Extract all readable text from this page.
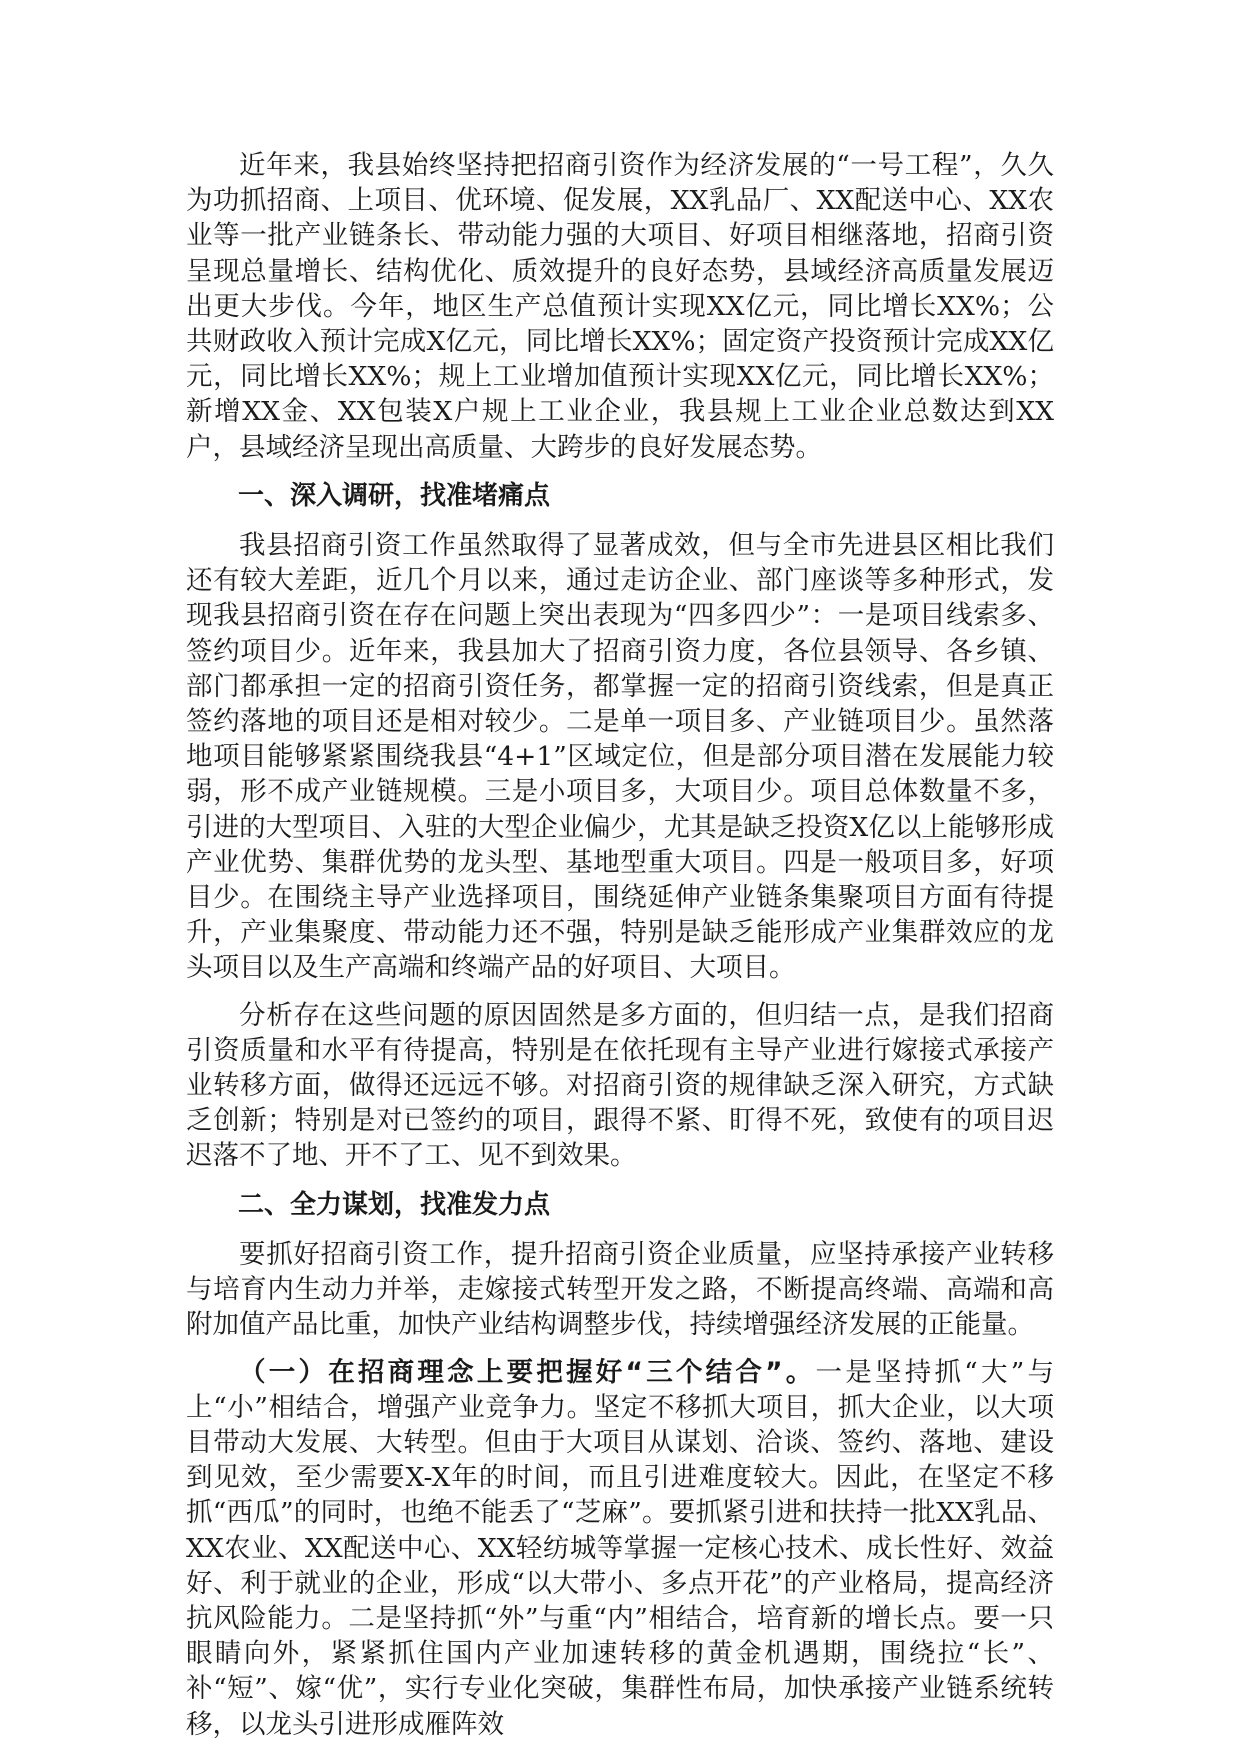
近年来，我县始终坚持把招商引资作为经济发展的“一号工程”，久久为功抓招商、上项目、优环境、促发展，XX乳品厂、XX配送中心、XX农业等一批产业链条长、带动能力强的大项目、好项目相继落地，招商引资呈现总量增长、结构优化、质效提升的良好态势，县域经济高质量发展迈出更大步伐。今年，地区生产总值预计实现XX亿元，同比增长XX%；公共财政收入预计完成X亿元，同比增长XX%；固定资产投资预计完成XX亿元，同比增长XX%；规上工业增加值预计实现XX亿元，同比增长XX%；新增XX金、XX包装X户规上工业企业，我县规上工业企业总数达到XX户，县域经济呈现出高质量、大跨步的良好发展态势。

一、深入调研，找准堵痛点

我县招商引资工作虽然取得了显著成效，但与全市先进县区相比我们还有较大差距，近几个月以来，通过走访企业、部门座谈等多种形式，发现我县招商引资在存在问题上突出表现为“四多四少”：一是项目线索多、签约项目少。近年来，我县加大了招商引资力度，各位县领导、各乡镇、部门都承担一定的招商引资任务，都掌握一定的招商引资线索，但是真正签约落地的项目还是相对较少。二是单一项目多、产业链项目少。虽然落地项目能够紧紧围绕我县“4+1”区域定位，但是部分项目潜在发展能力较弱，形不成产业链规模。三是小项目多，大项目少。项目总体数量不多，引进的大型项目、入驻的大型企业偏少，尤其是缺乏投资X亿以上能够形成产业优势、集群优势的龙头型、基地型重大项目。四是一般项目多，好项目少。在围绕主导产业选择项目，围绕延伸产业链条集聚项目方面有待提升，产业集聚度、带动能力还不强，特别是缺乏能形成产业集群效应的龙头项目以及生产高端和终端产品的好项目、大项目。

分析存在这些问题的原因固然是多方面的，但归结一点，是我们招商引资质量和水平有待提高，特别是在依托现有主导产业进行嫁接式承接产业转移方面，做得还远远不够。对招商引资的规律缺乏深入研究，方式缺乏创新；特别是对已签约的项目，跟得不紧、盯得不死，致使有的项目迟迟落不了地、开不了工、见不到效果。

二、全力谋划，找准发力点

要抓好招商引资工作，提升招商引资企业质量，应坚持承接产业转移与培育内生动力并举，走嫁接式转型开发之路，不断提高终端、高端和高附加值产品比重，加快产业结构调整步伐，持续增强经济发展的正能量。

（一）在招商理念上要把握好“三个结合”。一是坚持抓“大”与上“小”相结合，增强产业竞争力。坚定不移抓大项目，抓大企业，以大项目带动大发展、大转型。但由于大项目从谋划、洽谈、签约、落地、建设到见效，至少需要X-X年的时间，而且引进难度较大。因此，在坚定不移抓“西瓜”的同时，也绝不能丢了“芝麻”。要抓紧引进和扶持一批XX乳品、XX农业、XX配送中心、XX轻纺城等掌握一定核心技术、成长性好、效益好、利于就业的企业，形成“以大带小、多点开花”的产业格局，提高经济抗风险能力。二是坚持抓“外”与重“内”相结合，培育新的增长点。要一只眼睛向外，紧紧抓住国内产业加速转移的黄金机遇期，围绕拉“长”、补“短”、嫁“优”，实行专业化突破，集群性布局，加快承接产业链系统转移，以龙头引进形成雁阵效
